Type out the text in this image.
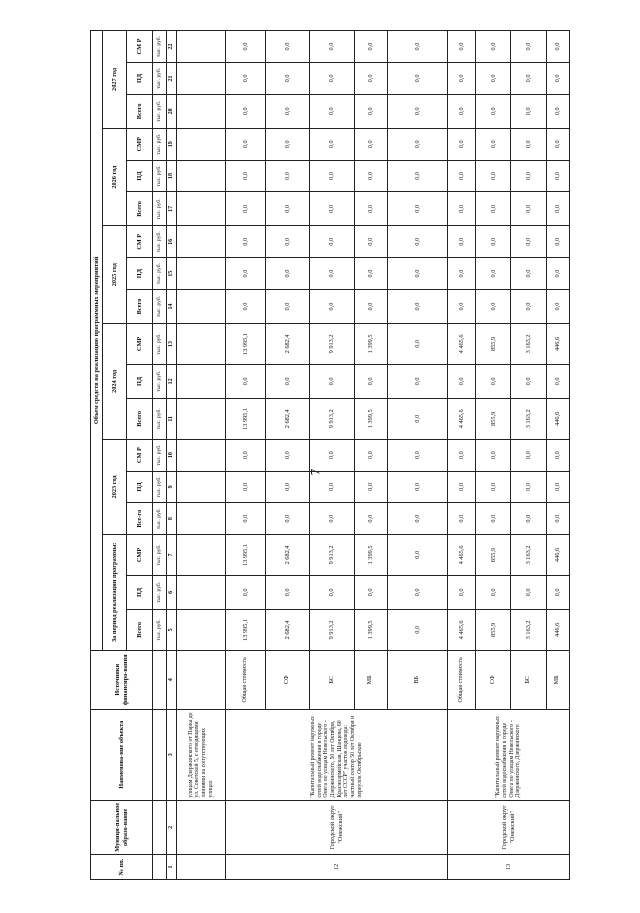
7
№ пп.	Муници-пальное образо-вание	Наименова-ние объекта	Источники финансиро-вания	Объем средств на реализацию программных мероприятий																	
				За период реализации программы:			2023 год			2024 год			2025 год			2026 год			2027 год		
				Всего	ПД	СМР	Все-го	ПД	СМ Р	Всего	ПД	СМР	Всего	ПД	СМ Р	Всего	ПД	СМР	Всего	ПД	СМ Р
				тыс. руб.	тыс. руб.	тыс. руб.	тыс. руб.	тыс. руб.	тыс. руб.	тыс. руб.	тыс. руб.	тыс. руб.	тыс. руб.	тыс. руб.	тыс. руб.	тыс. руб.	тыс. руб.	тыс. руб.	тыс. руб.	тыс. руб.	тыс. руб.
1	2	3	4	5	6	7	8	9	10	11	12	13	14	15	16	17	18	19	20	21	22
		улицам Дзержинского от Парка до ул. Советской 5, с отводящими линиями на сопутствующих улицах																			
12	Городской округ "Онежский"	"Капитальный ремонт наружных сетей водоснабжения в городе Онега по улицам Невельского - Дзержинского, 50 лет Октября, Красноармейская, Шанцева, 60 лет СССР" участок водовода: частный сектор 50 лет Октября и переулок Октябрьские	Общая стоимость	13 995,1	0,0	13 995,1	0,0	0,0	0,0	13 995,1	0,0	13 995,1	0,0	0,0	0,0	0,0	0,0	0,0	0,0	0,0	0,0
			СФ	2 682,4	0,0	2 682,4	0,0	0,0	0,0	2 682,4	0,0	2 682,4	0,0	0,0	0,0	0,0	0,0	0,0	0,0	0,0	0,0
			БС	9 913,2	0,0	9 913,2	0,0	0,0	0,0	9 913,2	0,0	9 913,2	0,0	0,0	0,0	0,0	0,0	0,0	0,0	0,0	0,0
			МБ	1 399,5	0,0	1 399,5	0,0	0,0	0,0	1 399,5	0,0	1 399,5	0,0	0,0	0,0	0,0	0,0	0,0	0,0	0,0	0,0
			ВБ	0,0	0,0	0,0	0,0	0,0	0,0	0,0	0,0	0,0	0,0	0,0	0,0	0,0	0,0	0,0	0,0	0,0	0,0
13	Городской округ "Онежский"	"Капитальный ремонт наружных сетей водоснабжения в городе Онега по улицам Невельского - Дзержинского, Дзержинского	Общая стоимость	4 465,6	0,0	4 465,6	0,0	0,0	0,0	4 465,6	0,0	4 465,6	0,0	0,0	0,0	0,0	0,0	0,0	0,0	0,0	0,0
			СФ	855,9	0,0	855,9	0,0	0,0	0,0	855,9	0,0	855,9	0,0	0,0	0,0	0,0	0,0	0,0	0,0	0,0	0,0
			БС	3 163,2	0,0	3 163,2	0,0	0,0	0,0	3 163,2	0,0	3 163,2	0,0	0,0	0,0	0,0	0,0	0,0	0,0	0,0	0,0
			МБ	446,6	0,0	446,6	0,0	0,0	0,0	446,6	0,0	446,6	0,0	0,0	0,0	0,0	0,0	0,0	0,0	0,0	0,0
